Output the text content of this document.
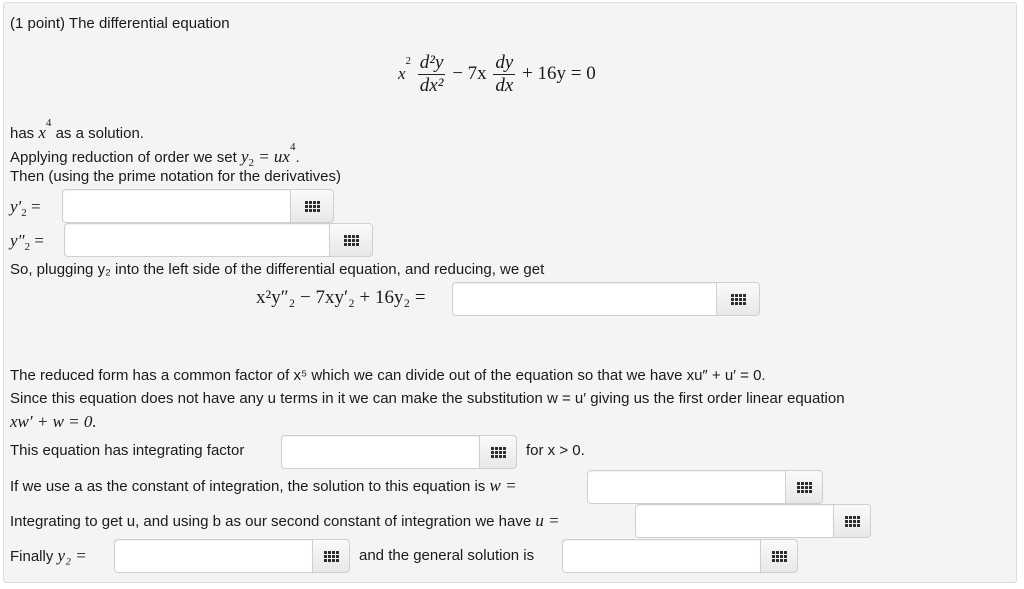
(1 point) The differential equation
$x^2 \frac{\text{d²y}}{\text{dx²}} - 7x \frac{dy}{dx} + 16y = 0$
has $x^4$ as a solution.
Applying reduction of order we set $y_2 = ux^4$.
Then (using the prime notation for the derivatives)
$y'_2$ =
$y''_2$ =
So, plugging y₂ into the left side of the differential equation, and reducing, we get
x²y″₂ − 7xy′₂ + 16y₂ =
The reduced form has a common factor of x⁵ which we can divide out of the equation so that we have xu″ + u′ = 0.
Since this equation does not have any u terms in it we can make the substitution w = u′ giving us the first order linear equation
xw′ + w = 0.
This equation has integrating factor	for x > 0.
If we use a as the constant of integration, the solution to this equation is w =
Integrating to get u, and using b as our second constant of integration we have u =
Finally y₂ =	and the general solution is
